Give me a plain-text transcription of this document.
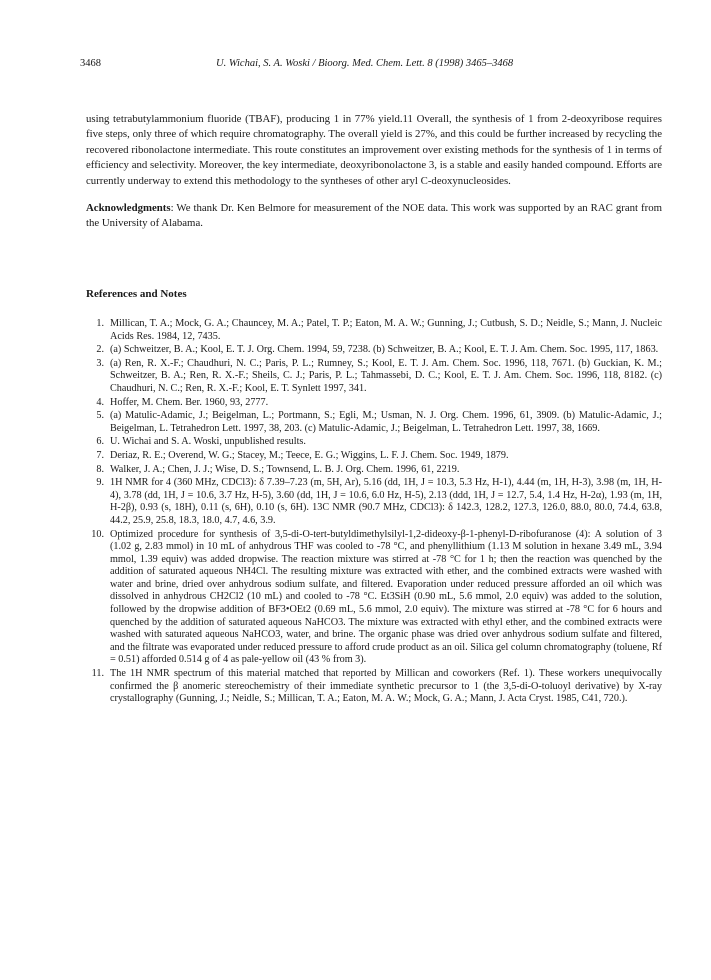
3468	U. Wichai, S. A. Woski / Bioorg. Med. Chem. Lett. 8 (1998) 3465–3468

using tetrabutylammonium fluoride (TBAF), producing 1 in 77% yield.11 Overall, the synthesis of 1 from 2-deoxyribose requires five steps, only three of which require chromatography. The overall yield is 27%, and this could be further increased by recycling the recovered ribonolactone intermediate. This route constitutes an improvement over existing methods for the synthesis of 1 in terms of efficiency and selectivity. Moreover, the key intermediate, deoxyribonolactone 3, is a stable and easily handed compound. Efforts are currently underway to extend this methodology to the syntheses of other aryl C-deoxynucleosides.

Acknowledgments: We thank Dr. Ken Belmore for measurement of the NOE data. This work was supported by an RAC grant from the University of Alabama.

References and Notes
1. Millican, T. A.; Mock, G. A.; Chauncey, M. A.; Patel, T. P.; Eaton, M. A. W.; Gunning, J.; Cutbush, S. D.; Neidle, S.; Mann, J. Nucleic Acids Res. 1984, 12, 7435.
2. (a) Schweitzer, B. A.; Kool, E. T. J. Org. Chem. 1994, 59, 7238. (b) Schweitzer, B. A.; Kool, E. T. J. Am. Chem. Soc. 1995, 117, 1863.
3. (a) Ren, R. X.-F.; Chaudhuri, N. C.; Paris, P. L.; Rumney, S.; Kool, E. T. J. Am. Chem. Soc. 1996, 118, 7671. (b) Guckian, K. M.; Schweitzer, B. A.; Ren, R. X.-F.; Sheils, C. J.; Paris, P. L.; Tahmassebi, D. C.; Kool, E. T. J. Am. Chem. Soc. 1996, 118, 8182. (c) Chaudhuri, N. C.; Ren, R. X.-F.; Kool, E. T. Synlett 1997, 341.
4. Hoffer, M. Chem. Ber. 1960, 93, 2777.
5. (a) Matulic-Adamic, J.; Beigelman, L.; Portmann, S.; Egli, M.; Usman, N. J. Org. Chem. 1996, 61, 3909. (b) Matulic-Adamic, J.; Beigelman, L. Tetrahedron Lett. 1997, 38, 203. (c) Matulic-Adamic, J.; Beigelman, L. Tetrahedron Lett. 1997, 38, 1669.
6. U. Wichai and S. A. Woski, unpublished results.
7. Deriaz, R. E.; Overend, W. G.; Stacey, M.; Teece, E. G.; Wiggins, L. F. J. Chem. Soc. 1949, 1879.
8. Walker, J. A.; Chen, J. J.; Wise, D. S.; Townsend, L. B. J. Org. Chem. 1996, 61, 2219.
9. 1H NMR for 4 (360 MHz, CDCl3): δ 7.39–7.23 (m, 5H, Ar), 5.16 (dd, 1H, J = 10.3, 5.3 Hz, H-1), 4.44 (m, 1H, H-3), 3.98 (m, 1H, H-4), 3.78 (dd, 1H, J = 10.6, 3.7 Hz, H-5), 3.60 (dd, 1H, J = 10.6, 6.0 Hz, H-5), 2.13 (ddd, 1H, J = 12.7, 5.4, 1.4 Hz, H-2α), 1.93 (m, 1H, H-2β), 0.93 (s, 18H), 0.11 (s, 6H), 0.10 (s, 6H). 13C NMR (90.7 MHz, CDCl3): δ 142.3, 128.2, 127.3, 126.0, 88.0, 80.0, 74.4, 63.8, 44.2, 25.9, 25.8, 18.3, 18.0, 4.7, 4.6, 3.9.
10. Optimized procedure for synthesis of 3,5-di-O-tert-butyldimethylsilyl-1,2-dideoxy-β-1-phenyl-D-ribofuranose (4): A solution of 3 (1.02 g, 2.83 mmol) in 10 mL of anhydrous THF was cooled to -78 °C, and phenyllithium (1.13 M solution in hexane 3.49 mL, 3.94 mmol, 1.39 equiv) was added dropwise. The reaction mixture was stirred at -78 °C for 1 h; then the reaction was quenched by the addition of saturated aqueous NH4Cl. The resulting mixture was extracted with ether, and the combined extracts were washed with water and brine, dried over anhydrous sodium sulfate, and filtered. Evaporation under reduced pressure afforded an oil which was dissolved in anhydrous CH2Cl2 (10 mL) and cooled to -78 °C. Et3SiH (0.90 mL, 5.6 mmol, 2.0 equiv) was added to the solution, followed by the dropwise addition of BF3•OEt2 (0.69 mL, 5.6 mmol, 2.0 equiv). The mixture was stirred at -78 °C for 6 hours and quenched by the addition of saturated aqueous NaHCO3. The mixture was extracted with ethyl ether, and the combined extracts were washed with saturated aqueous NaHCO3, water, and brine. The organic phase was dried over anhydrous sodium sulfate and filtered, and the filtrate was evaporated under reduced pressure to afford crude product as an oil. Silica gel column chromatography (toluene, Rf = 0.51) afforded 0.514 g of 4 as pale-yellow oil (43 % from 3).
11. The 1H NMR spectrum of this material matched that reported by Millican and coworkers (Ref. 1). These workers unequivocally confirmed the β anomeric stereochemistry of their immediate synthetic precursor to 1 (the 3,5-di-O-toluoyl derivative) by X-ray crystallography (Gunning, J.; Neidle, S.; Millican, T. A.; Eaton, M. A. W.; Mock, G. A.; Mann, J. Acta Cryst. 1985, C41, 720.).
